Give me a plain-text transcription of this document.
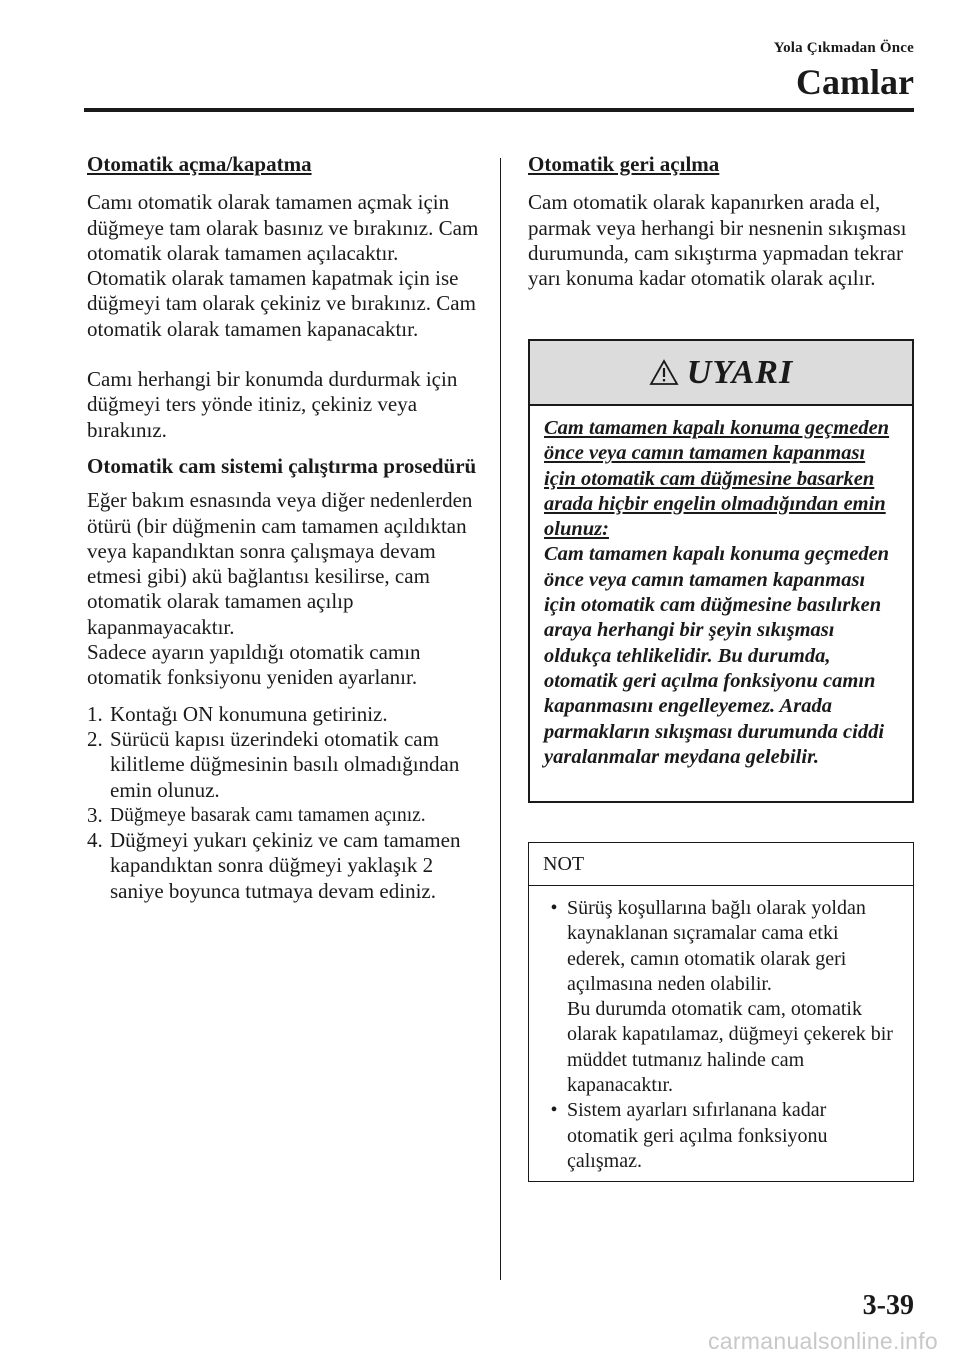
Yola Çıkmadan Önce
Camlar
Otomatik açma/kapatma

Camı otomatik olarak tamamen açmak için düğmeye tam olarak basınız ve bırakınız. Cam otomatik olarak tamamen açılacaktır.

Otomatik olarak tamamen kapatmak için ise düğmeyi tam olarak çekiniz ve bırakınız. Cam otomatik olarak tamamen kapanacaktır.

Camı herhangi bir konumda durdurmak için düğmeyi ters yönde itiniz, çekiniz veya bırakınız.

Otomatik cam sistemi çalıştırma prosedürü

Eğer bakım esnasında veya diğer nedenlerden ötürü (bir düğmenin cam tamamen açıldıktan veya kapandıktan sonra çalışmaya devam etmesi gibi) akü bağlantısı kesilirse, cam otomatik olarak tamamen açılıp kapanmayacaktır.

Sadece ayarın yapıldığı otomatik camın otomatik fonksiyonu yeniden ayarlanır.

1. Kontağı ON konumuna getiriniz.
2. Sürücü kapısı üzerindeki otomatik cam kilitleme düğmesinin basılı olmadığından emin olunuz.
3. Düğmeye basarak camı tamamen açınız.
4. Düğmeyi yukarı çekiniz ve cam tamamen kapandıktan sonra düğmeyi yaklaşık 2 saniye boyunca tutmaya devam ediniz.
Otomatik geri açılma

Cam otomatik olarak kapanırken arada el, parmak veya herhangi bir nesnenin sıkışması durumunda, cam sıkıştırma yapmadan tekrar yarı konuma kadar otomatik olarak açılır.

UYARI
Cam tamamen kapalı konuma geçmeden önce veya camın tamamen kapanması için otomatik cam düğmesine basarken arada hiçbir engelin olmadığından emin olunuz:
Cam tamamen kapalı konuma geçmeden önce veya camın tamamen kapanması için otomatik cam düğmesine basılırken araya herhangi bir şeyin sıkışması oldukça tehlikelidir. Bu durumda, otomatik geri açılma fonksiyonu camın kapanmasını engelleyemez. Arada parmakların sıkışması durumunda ciddi yaralanmalar meydana gelebilir.
NOT
• Sürüş koşullarına bağlı olarak yoldan kaynaklanan sıçramalar cama etki ederek, camın otomatik olarak geri açılmasına neden olabilir.
Bu durumda otomatik cam, otomatik olarak kapatılamaz, düğmeyi çekerek bir müddet tutmanız halinde cam kapanacaktır.
• Sistem ayarları sıfırlanana kadar otomatik geri açılma fonksiyonu çalışmaz.
3-39
carmanualsonline.info
